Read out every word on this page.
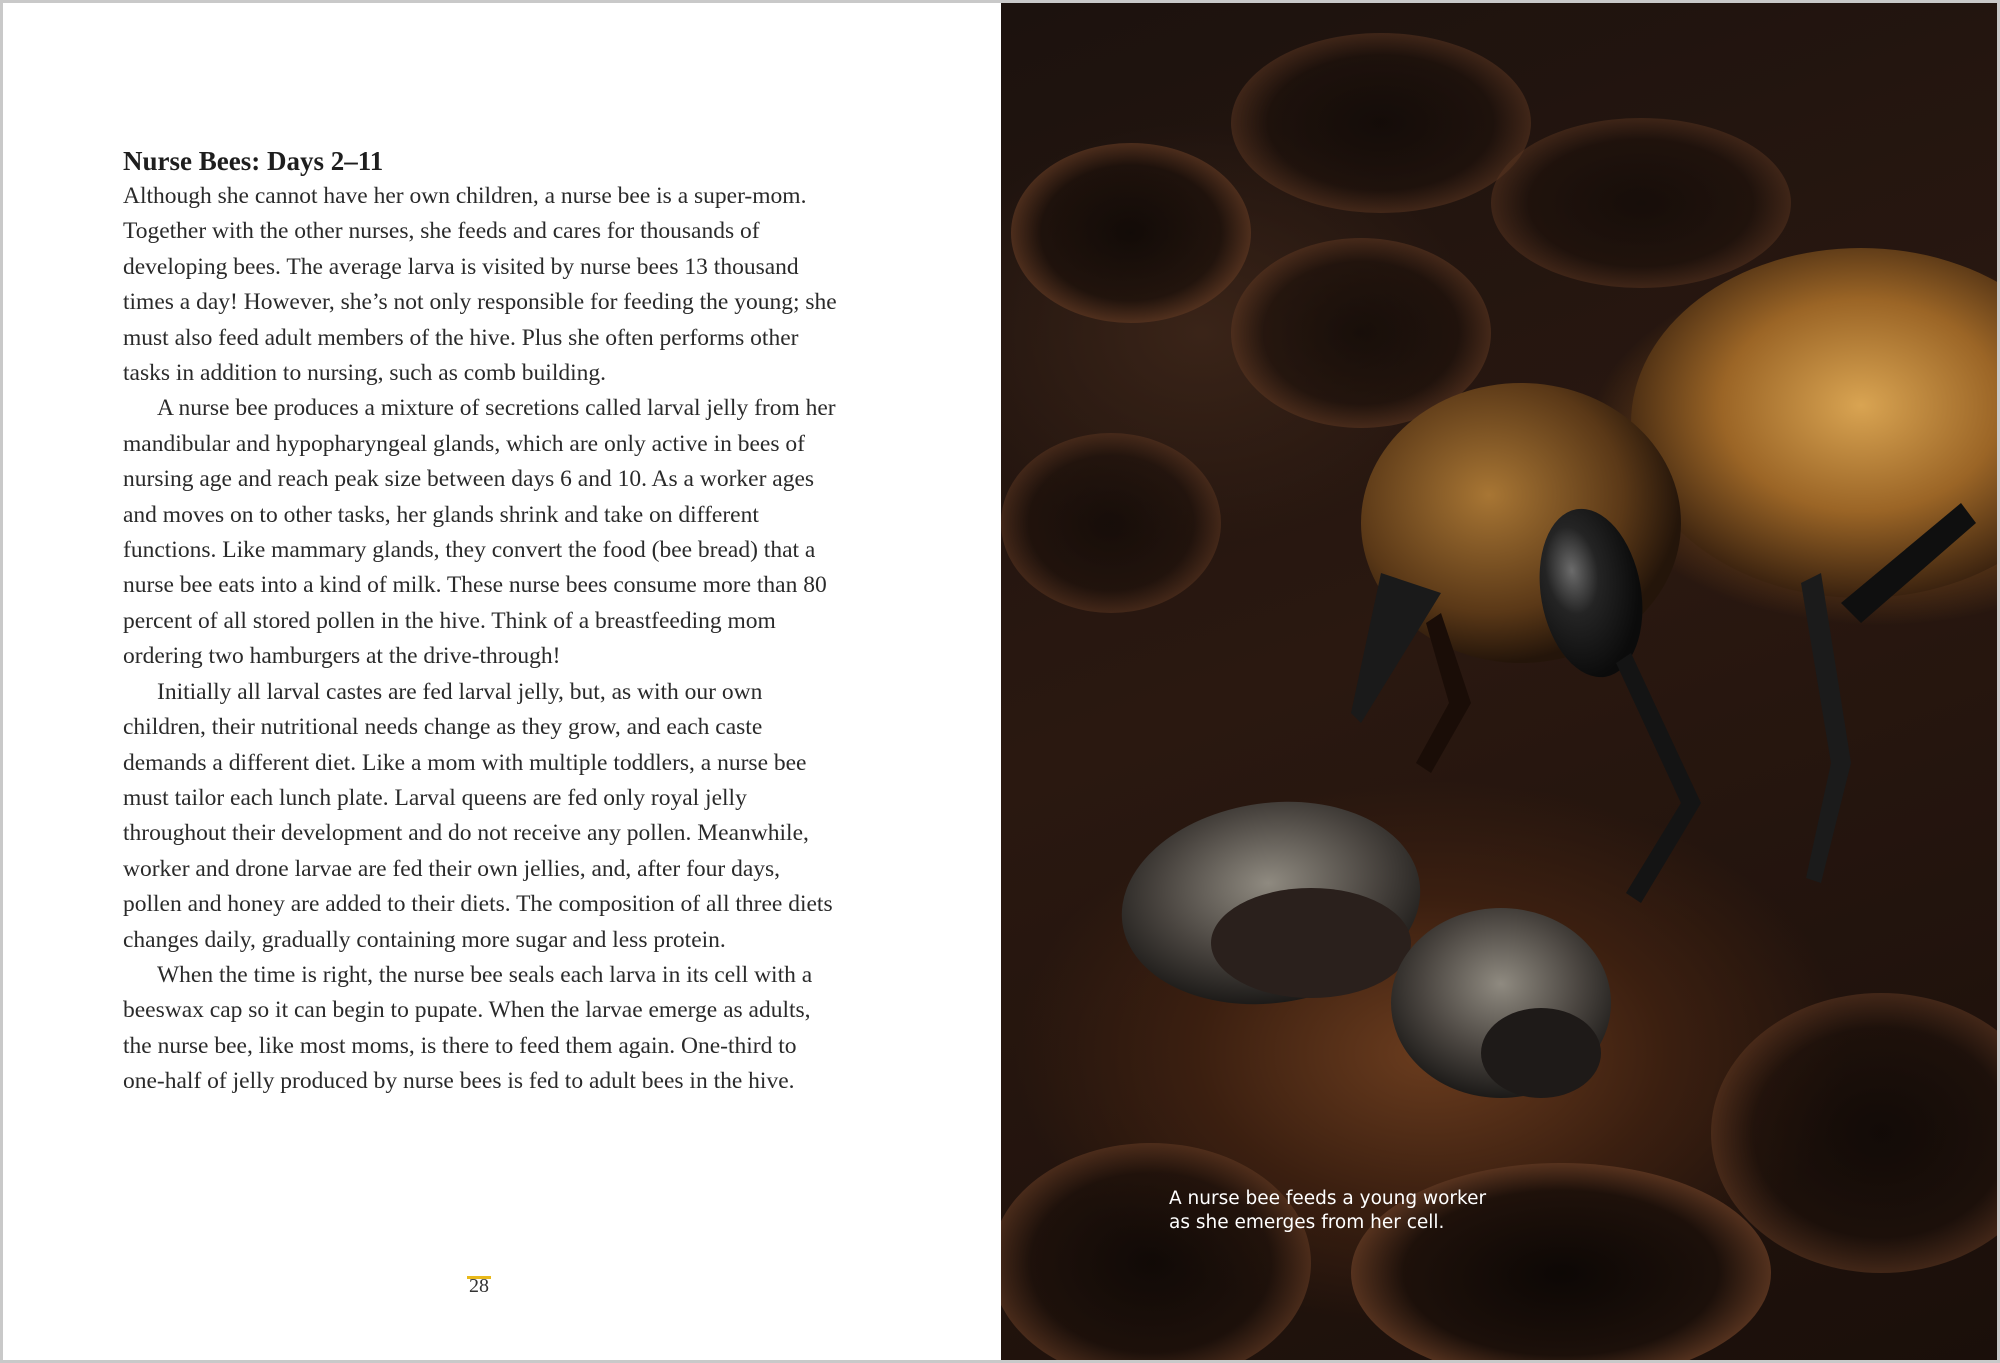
Nurse Bees: Days 2–11

Although she cannot have her own children, a nurse bee is a super-mom. Together with the other nurses, she feeds and cares for thousands of developing bees. The average larva is visited by nurse bees 13 thousand times a day! However, she’s not only responsible for feeding the young; she must also feed adult members of the hive. Plus she often performs other tasks in addition to nursing, such as comb building.

A nurse bee produces a mixture of secretions called larval jelly from her mandibular and hypopharyngeal glands, which are only active in bees of nursing age and reach peak size between days 6 and 10. As a worker ages and moves on to other tasks, her glands shrink and take on different functions. Like mammary glands, they convert the food (bee bread) that a nurse bee eats into a kind of milk. These nurse bees consume more than 80 percent of all stored pollen in the hive. Think of a breastfeeding mom ordering two hamburgers at the drive-through!

Initially all larval castes are fed larval jelly, but, as with our own children, their nutritional needs change as they grow, and each caste demands a different diet. Like a mom with multiple toddlers, a nurse bee must tailor each lunch plate. Larval queens are fed only royal jelly throughout their development and do not receive any pollen. Meanwhile, worker and drone larvae are fed their own jellies, and, after four days, pollen and honey are added to their diets. The composition of all three diets changes daily, gradually containing more sugar and less protein.

When the time is right, the nurse bee seals each larva in its cell with a beeswax cap so it can begin to pupate. When the larvae emerge as adults, the nurse bee, like most moms, is there to feed them again. One-third to one-half of jelly produced by nurse bees is fed to adult bees in the hive.

28

A nurse bee feeds a young worker
as she emerges from her cell.
